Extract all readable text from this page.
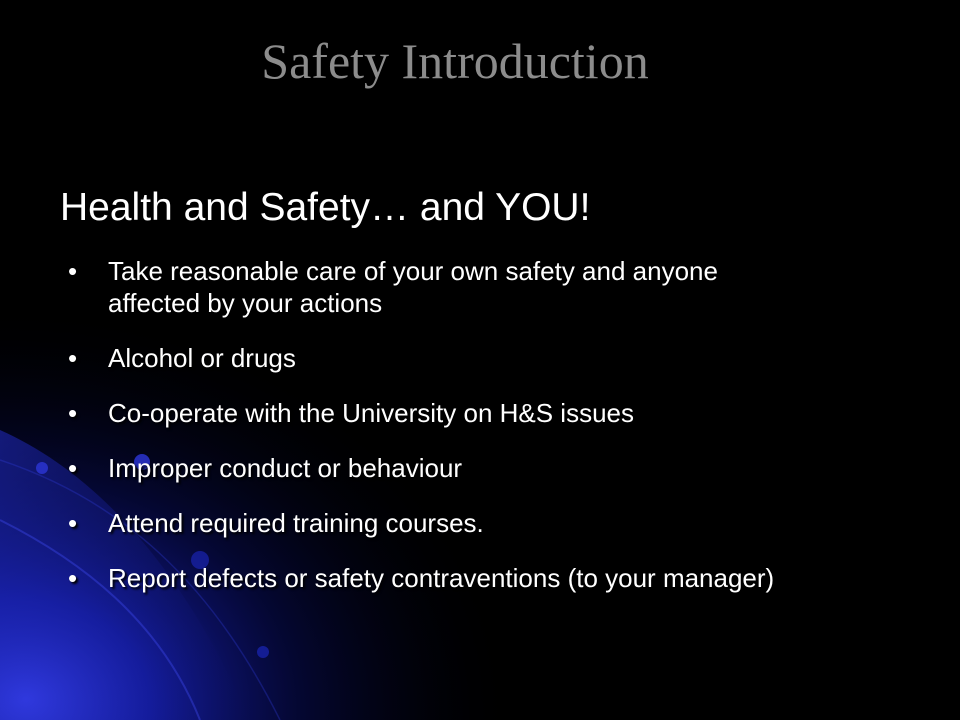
Safety Introduction
Health and Safety… and YOU!
• Take reasonable care of your own safety and anyone
affected by your actions
• Alcohol or drugs
• Co-operate with the University on H&S issues
• Improper conduct or behaviour
• Attend required training courses.
• Report defects or safety contraventions (to your manager)
